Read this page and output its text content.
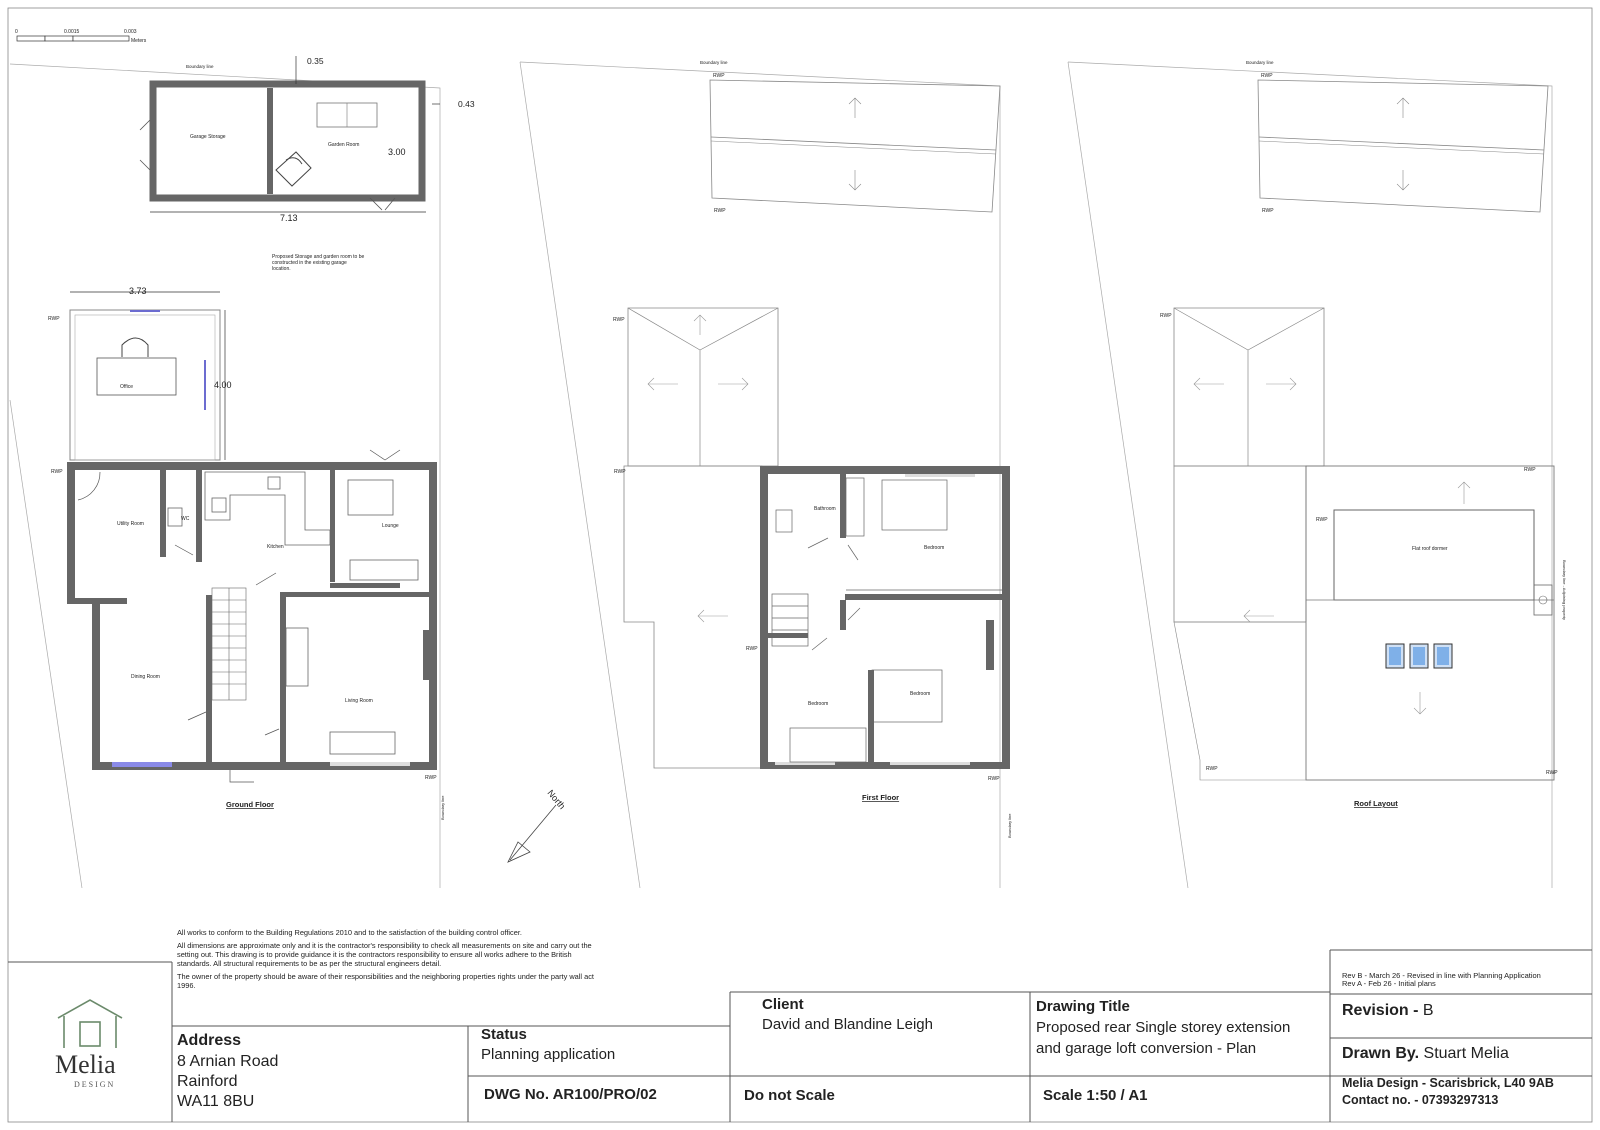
0	0.0015	0.003
Meters
Boundary line
Boundary line
Garage Storage
Garden Room
0.35
0.43
3.00
7.13
Proposed Storage and garden room to be
constructed in the existing garage
location.
Office
3.73
4.00
Utility Room
WC
Kitchen
Lounge
Dining Room
Living Room
RWP
RWP
RWP
Ground Floor	North
Boundary line
Boundary line
RWP
RWP
RWP
RWP
RWP
Bathroom
Bedroom
Bedroom
Bedroom
RWP
First Floor
Boundary line
Boundary line - Adjoining property
RWP
RWP
RWP
Flat roof dormer
RWP
RWP
RWP
RWP
Roof Layout

All works to conform to the Building Regulations 2010 and to the satisfaction of the building control officer.

All dimensions are approximate only and it is the contractor's responsibility to check all measurements on site and carry out the setting out. This drawing is to provide guidance it is the contractors responsibility to ensure all works adhere to the British standards. All structural requirements to be as per the structural engineers detail.

The owner of the property should be aware of their responsibilities and the neighboring properties rights under the party wall act 1996.

Melia
DESIGN
Address
8 Arnian Road
Rainford
WA11 8BU
Status
Planning application
DWG No. AR100/PRO/02
Client
David and Blandine Leigh
Do not Scale
Drawing Title
Proposed rear Single storey extension
and garage loft conversion - Plan
Scale 1:50 / A1
Rev B - March 26 - Revised in line with Planning Application
Rev A - Feb 26 - Initial plans
Revision - B
Drawn By. Stuart Melia
Melia Design - Scarisbrick, L40 9AB
Contact no. - 07393297313
